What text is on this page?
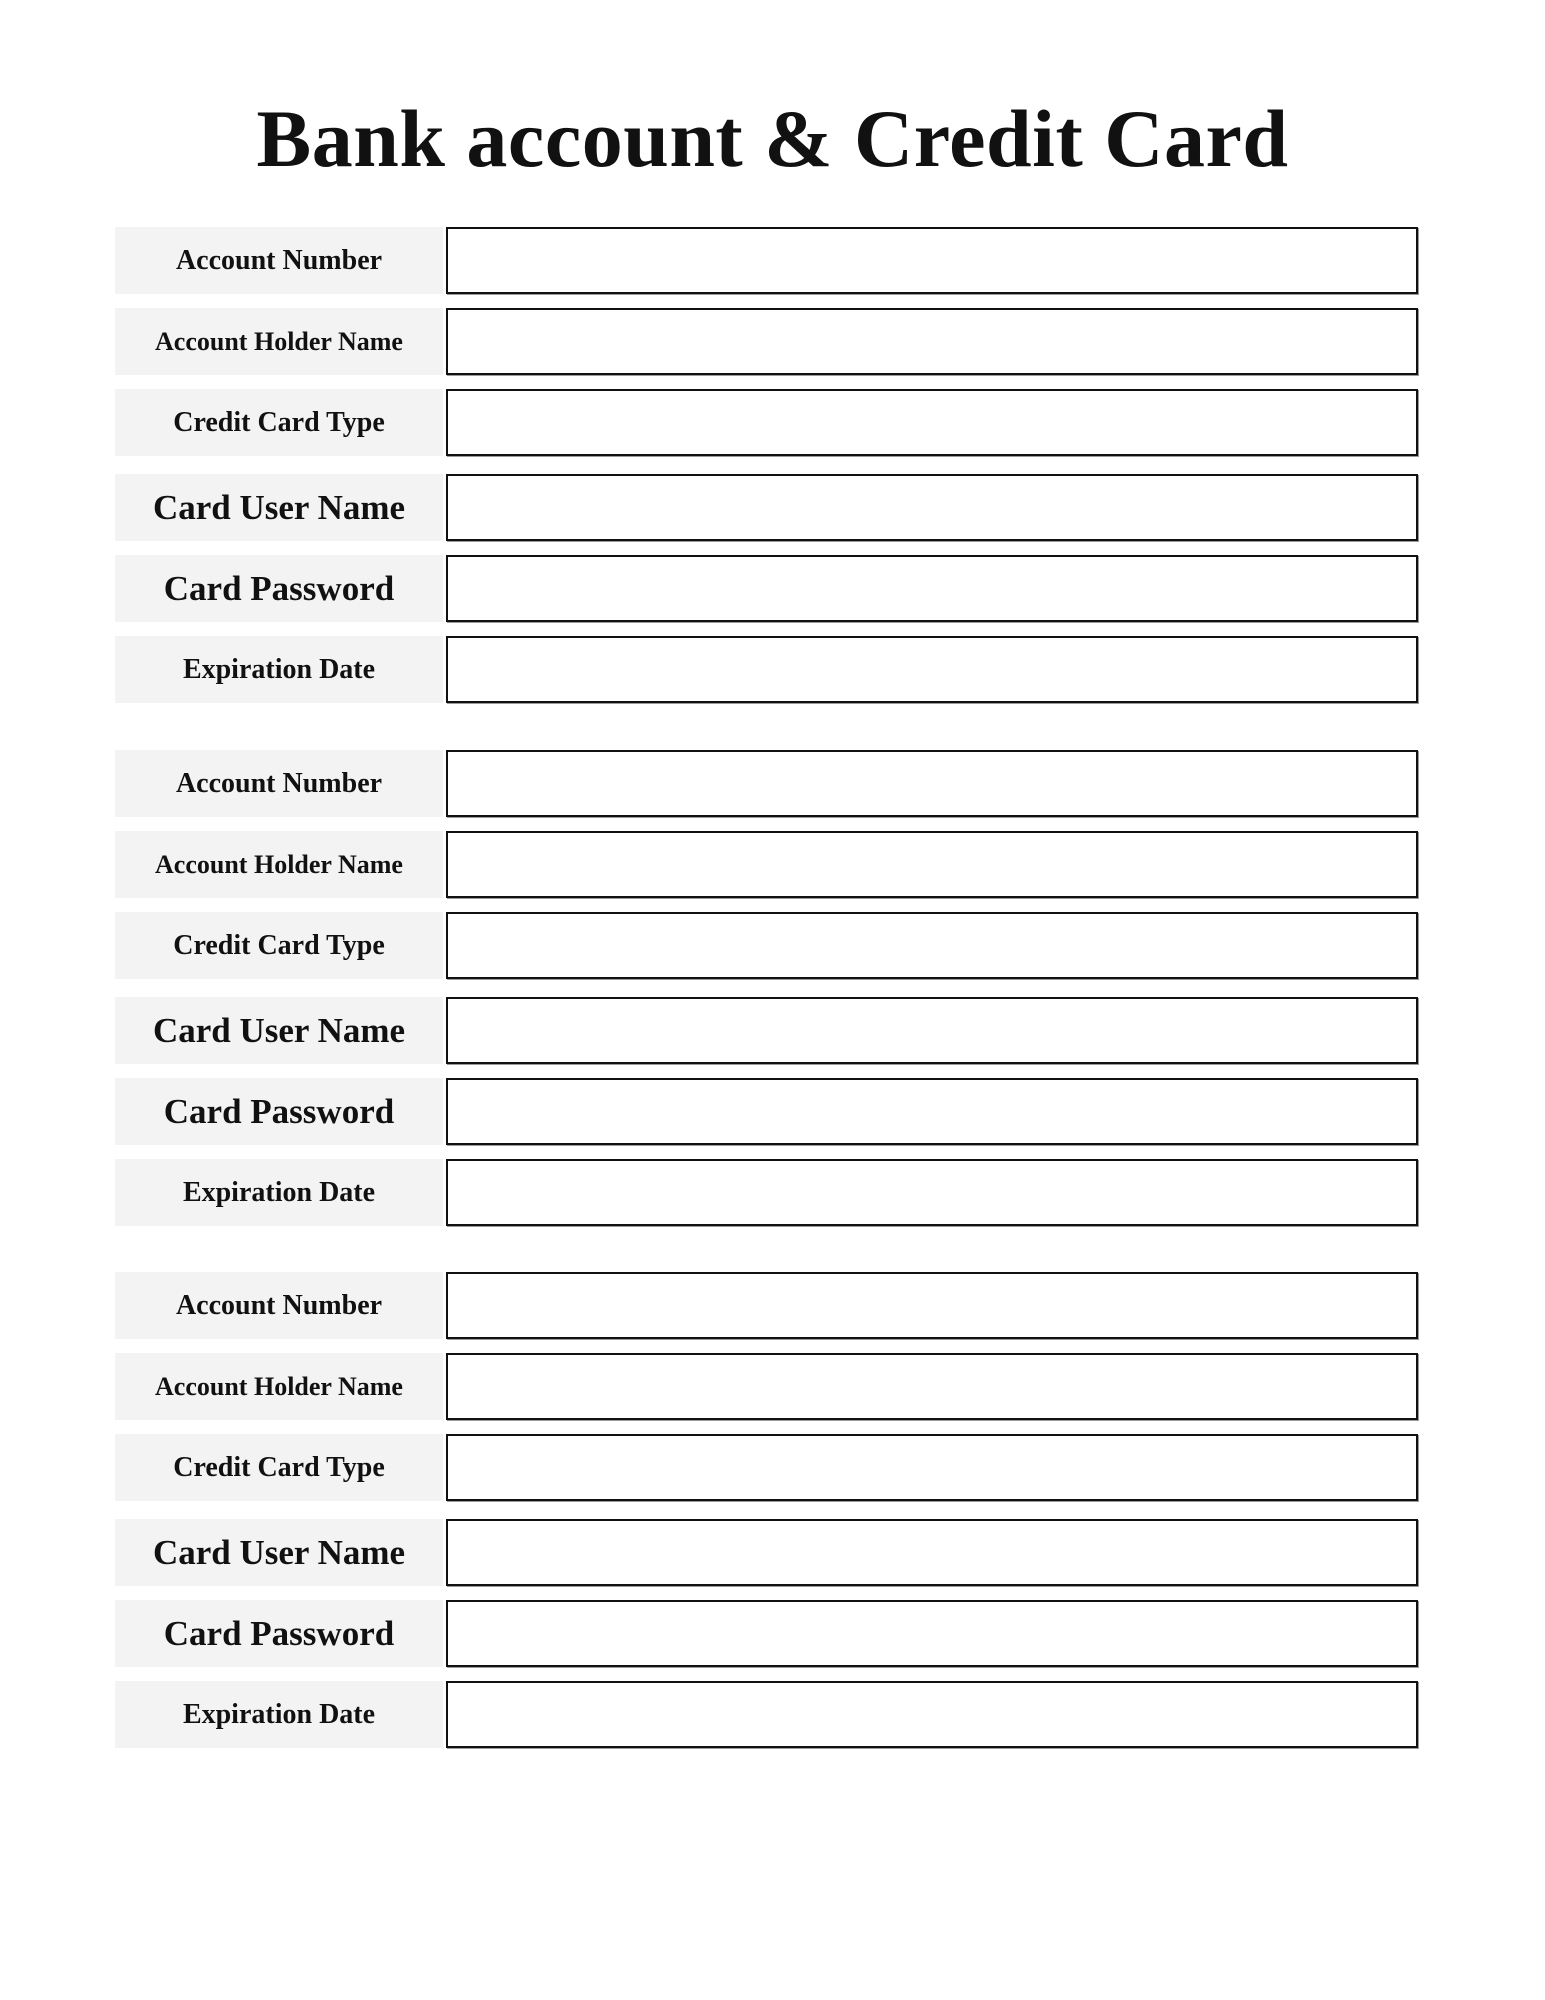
Bank account & Credit Card
Account Number
Account Holder Name
Credit Card Type
Card User Name
Card Password
Expiration Date
Account Number
Account Holder Name
Credit Card Type
Card User Name
Card Password
Expiration Date
Account Number
Account Holder Name
Credit Card Type
Card User Name
Card Password
Expiration Date
